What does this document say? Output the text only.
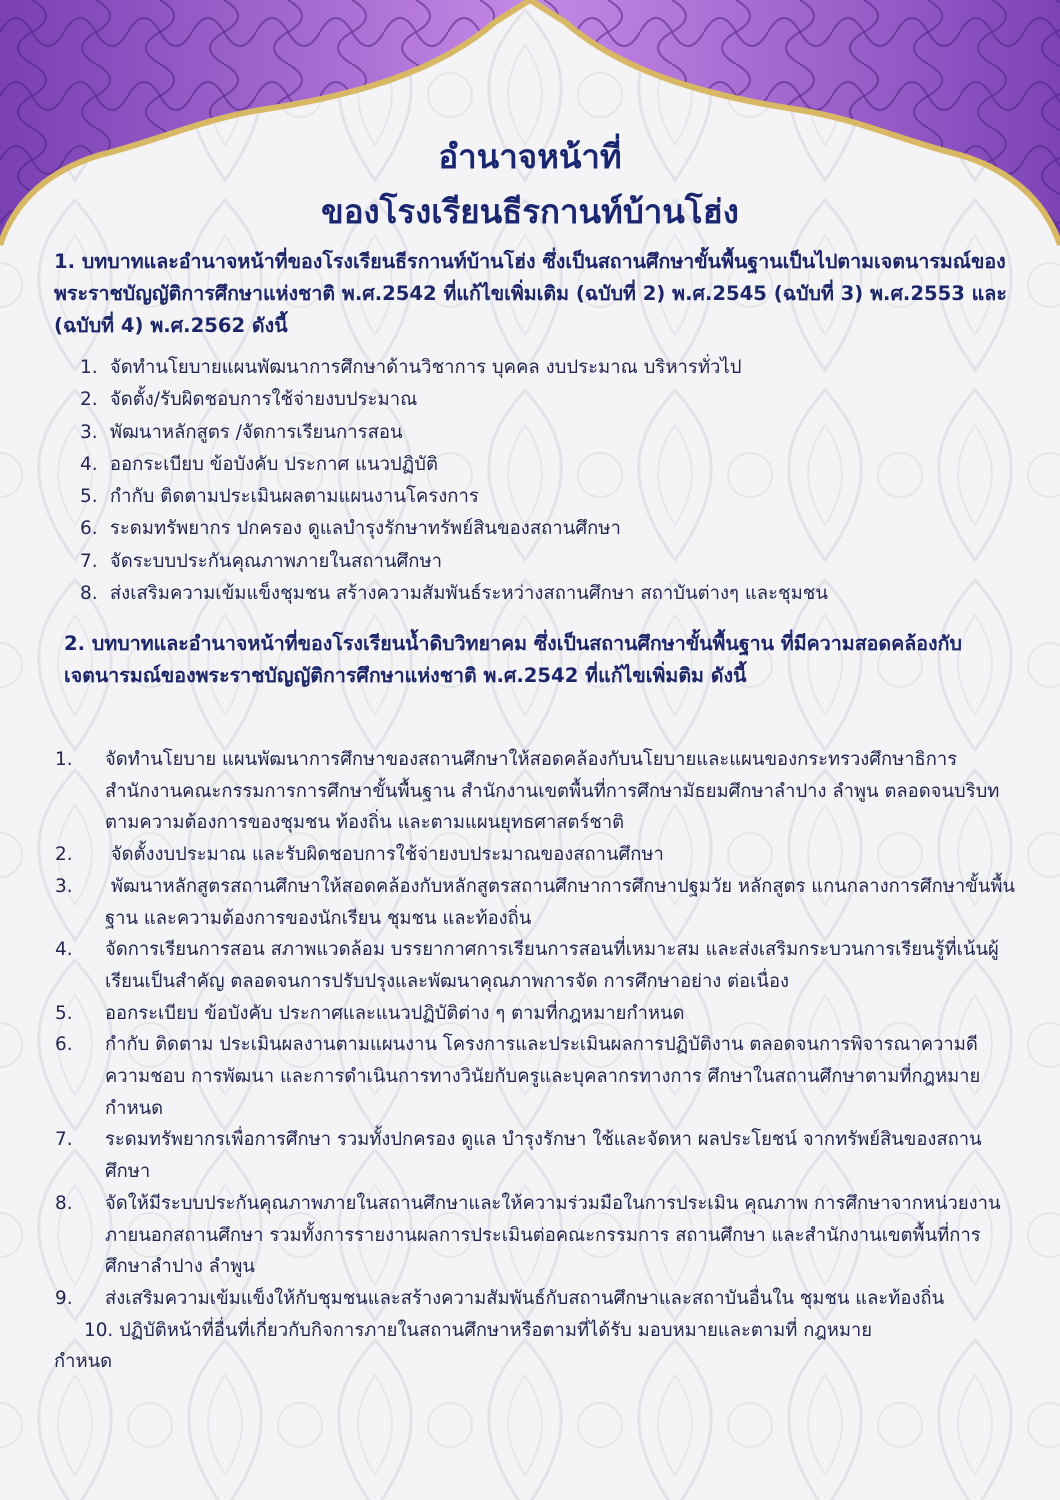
อำนาจหน้าที่
ของโรงเรียนธีรกานท์บ้านโฮ่ง

1. บทบาทและอำนาจหน้าที่ของโรงเรียนธีรกานท์บ้านโฮ่ง ซึ่งเป็นสถานศึกษาขั้นพื้นฐานเป็นไปตามเจตนารมณ์ของพระราชบัญญัติการศึกษาแห่งชาติ พ.ศ.2542 ที่แก้ไขเพิ่มเติม (ฉบับที่ 2) พ.ศ.2545 (ฉบับที่ 3) พ.ศ.2553 และ (ฉบับที่ 4) พ.ศ.2562 ดังนี้

1. จัดทำนโยบายแผนพัฒนาการศึกษาด้านวิชาการ บุคคล งบประมาณ บริหารทั่วไป
2. จัดตั้ง/รับผิดชอบการใช้จ่ายงบประมาณ
3. พัฒนาหลักสูตร /จัดการเรียนการสอน
4. ออกระเบียบ ข้อบังคับ ประกาศ แนวปฏิบัติ
5. กำกับ ติดตามประเมินผลตามแผนงานโครงการ
6. ระดมทรัพยากร ปกครอง ดูแลบำรุงรักษาทรัพย์สินของสถานศึกษา
7. จัดระบบประกันคุณภาพภายในสถานศึกษา
8. ส่งเสริมความเข้มแข็งชุมชน สร้างความสัมพันธ์ระหว่างสถานศึกษา สถาบันต่างๆ และชุมชน

2. บทบาทและอำนาจหน้าที่ของโรงเรียนน้ำดิบวิทยาคม ซึ่งเป็นสถานศึกษาขั้นพื้นฐาน ที่มีความสอดคล้องกับเจตนารมณ์ของพระราชบัญญัติการศึกษาแห่งชาติ พ.ศ.2542 ที่แก้ไขเพิ่มติม ดังนี้

1. จัดทำนโยบาย แผนพัฒนาการศึกษาของสถานศึกษาให้สอดคล้องกับนโยบายและแผนของกระทรวงศึกษาธิการ สำนักงานคณะกรรมการการศึกษาขั้นพื้นฐาน สำนักงานเขตพื้นที่การศึกษามัธยมศึกษาลำปาง ลำพูน ตลอดจนบริบทตามความต้องการของชุมชน ท้องถิ่น และตามแผนยุทธศาสตร์ชาติ
2. จัดตั้งงบประมาณ และรับผิดชอบการใช้จ่ายงบประมาณของสถานศึกษา
3. พัฒนาหลักสูตรสถานศึกษาให้สอดคล้องกับหลักสูตรสถานศึกษาการศึกษาปฐมวัย หลักสูตร แกนกลางการศึกษาขั้นพื้นฐาน และความต้องการของนักเรียน ชุมชน และท้องถิ่น
4. จัดการเรียนการสอน สภาพแวดล้อม บรรยากาศการเรียนการสอนที่เหมาะสม และส่งเสริมกระบวนการเรียนรู้ที่เน้นผู้เรียนเป็นสำคัญ ตลอดจนการปรับปรุงและพัฒนาคุณภาพการจัด การศึกษาอย่าง ต่อเนื่อง
5. ออกระเบียบ ข้อบังคับ ประกาศและแนวปฏิบัติต่าง ๆ ตามที่กฎหมายกำหนด
6. กำกับ ติดตาม ประเมินผลงานตามแผนงาน โครงการและประเมินผลการปฏิบัติงาน ตลอดจนการพิจารณาความดีความชอบ การพัฒนา และการดำเนินการทางวินัยกับครูและบุคลากรทางการ ศึกษาในสถานศึกษาตามที่กฎหมายกำหนด
7. ระดมทรัพยากรเพื่อการศึกษา รวมทั้งปกครอง ดูแล บำรุงรักษา ใช้และจัดหา ผลประโยชน์ จากทรัพย์สินของสถานศึกษา
8. จัดให้มีระบบประกันคุณภาพภายในสถานศึกษาและให้ความร่วมมือในการประเมิน คุณภาพ การศึกษาจากหน่วยงานภายนอกสถานศึกษา รวมทั้งการรายงานผลการประเมินต่อคณะกรรมการ สถานศึกษา และสำนักงานเขตพื้นที่การศึกษาลำปาง ลำพูน
9. ส่งเสริมความเข้มแข็งให้กับชุมชนและสร้างความสัมพันธ์กับสถานศึกษาและสถาบันอื่นใน ชุมชน และท้องถิ่น
10. ปฏิบัติหน้าที่อื่นที่เกี่ยวกับกิจการภายในสถานศึกษาหรือตามที่ได้รับ มอบหมายและตามที่ กฎหมาย
กำหนด
